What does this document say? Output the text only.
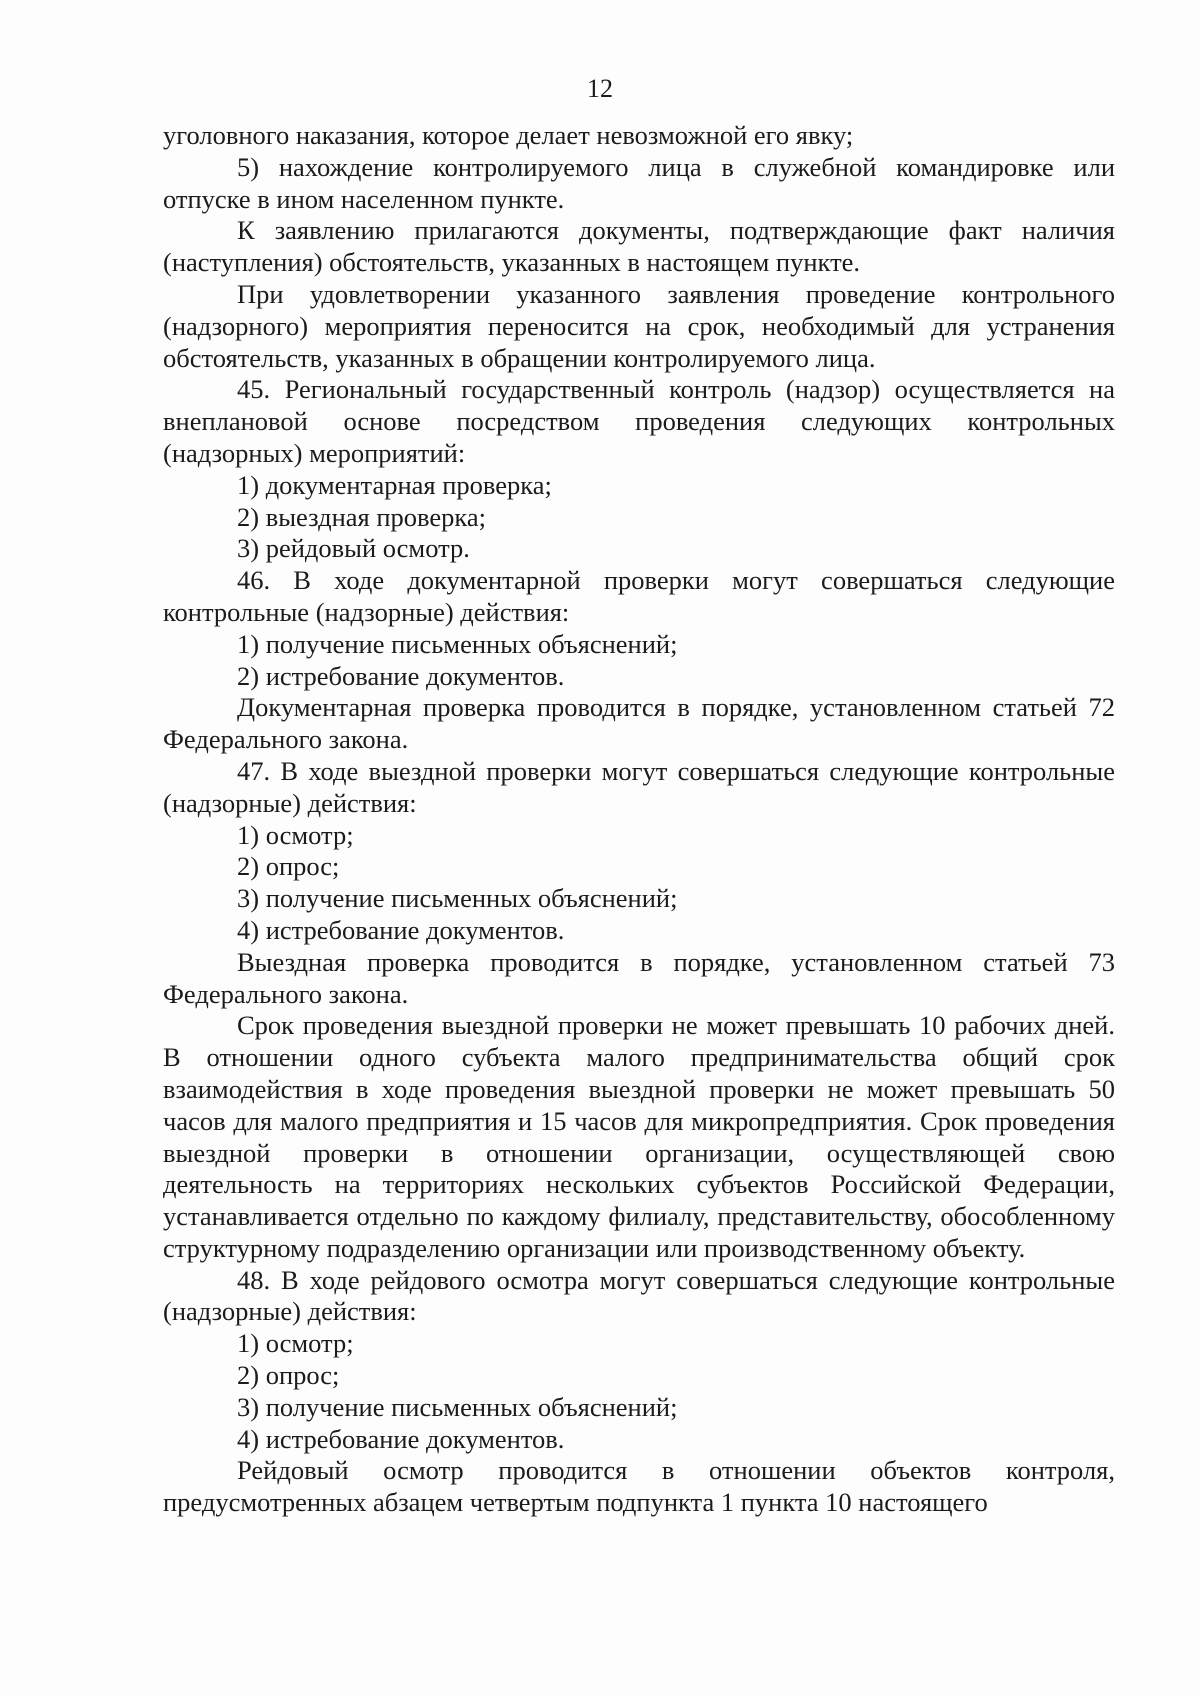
12

уголовного наказания, которое делает невозможной его явку;

5) нахождение контролируемого лица в служебной командировке или отпуске в ином населенном пункте.

К заявлению прилагаются документы, подтверждающие факт наличия (наступления) обстоятельств, указанных в настоящем пункте.

При удовлетворении указанного заявления проведение контрольного (надзорного) мероприятия переносится на срок, необходимый для устранения обстоятельств, указанных в обращении контролируемого лица.

45. Региональный государственный контроль (надзор) осуществляется на внеплановой основе посредством проведения следующих контрольных (надзорных) мероприятий:

1) документарная проверка;

2) выездная проверка;

3) рейдовый осмотр.

46. В ходе документарной проверки могут совершаться следующие контрольные (надзорные) действия:

1) получение письменных объяснений;

2) истребование документов.

Документарная проверка проводится в порядке, установленном статьей 72 Федерального закона.

47. В ходе выездной проверки могут совершаться следующие контрольные (надзорные) действия:

1) осмотр;

2) опрос;

3) получение письменных объяснений;

4) истребование документов.

Выездная проверка проводится в порядке, установленном статьей 73 Федерального закона.

Срок проведения выездной проверки не может превышать 10 рабочих дней. В отношении одного субъекта малого предпринимательства общий срок взаимодействия в ходе проведения выездной проверки не может превышать 50 часов для малого предприятия и 15 часов для микропредприятия. Срок проведения выездной проверки в отношении организации, осуществляющей свою деятельность на территориях нескольких субъектов Российской Федерации, устанавливается отдельно по каждому филиалу, представительству, обособленному структурному подразделению организации или производственному объекту.

48. В ходе рейдового осмотра могут совершаться следующие контрольные (надзорные) действия:

1) осмотр;

2) опрос;

3) получение письменных объяснений;

4) истребование документов.

Рейдовый осмотр проводится в отношении объектов контроля, предусмотренных абзацем четвертым подпункта 1 пункта 10 настоящего
